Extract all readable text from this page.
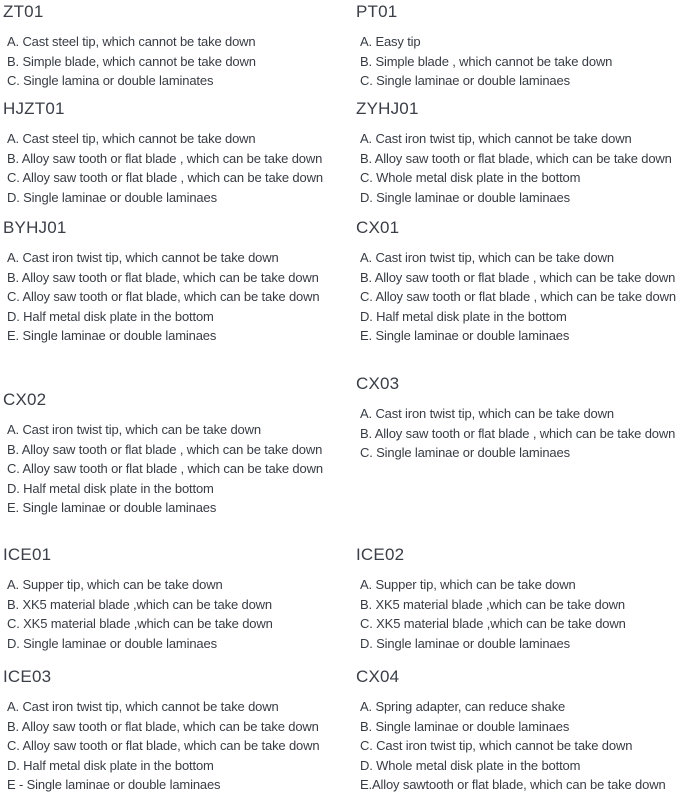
ZT01
A. Cast steel tip, which cannot be take down
B. Simple blade, which cannot be take down
C. Single lamina or double laminates
HJZT01
A. Cast steel tip, which cannot be take down
B. Alloy saw tooth or flat blade , which can be take down
C. Alloy saw tooth or flat blade , which can be take down
D. Single laminae or double laminaes
BYHJ01
A. Cast iron twist tip, which cannot be take down
B. Alloy saw tooth or flat blade, which can be take down
C. Alloy saw tooth or flat blade, which can be take down
D. Half metal disk plate in the bottom
E. Single laminae or double laminaes
CX02
A. Cast iron twist tip, which can be take down
B. Alloy saw tooth or flat blade , which can be take down
C. Alloy saw tooth or flat blade , which can be take down
D. Half metal disk plate in the bottom
E. Single laminae or double laminaes
ICE01
A. Supper tip, which can be take down
B. XK5 material blade ,which can be take down
C. XK5 material blade ,which can be take down
D. Single laminae or double laminaes
ICE03
A. Cast iron twist tip, which cannot be take down
B. Alloy saw tooth or flat blade, which can be take down
C. Alloy saw tooth or flat blade, which can be take down
D. Half metal disk plate in the bottom
E - Single laminae or double laminaes
PT01
A. Easy tip
B. Simple blade , which cannot be take down
C. Single laminae or double laminaes
ZYHJ01
A. Cast iron twist tip, which cannot be take down
B. Alloy saw tooth or flat blade, which can be take down
C. Whole metal disk plate in the bottom
D. Single laminae or double laminaes
CX01
A. Cast iron twist tip, which can be take down
B. Alloy saw tooth or flat blade , which can be take down
C. Alloy saw tooth or flat blade , which can be take down
D. Half metal disk plate in the bottom
E. Single laminae or double laminaes
CX03
A. Cast iron twist tip, which can be take down
B. Alloy saw tooth or flat blade , which can be take down
C. Single laminae or double laminaes
ICE02
A. Supper tip, which can be take down
B. XK5 material blade ,which can be take down
C. XK5 material blade ,which can be take down
D. Single laminae or double laminaes
CX04
A. Spring adapter, can reduce shake
B. Single laminae or double laminaes
C. Cast iron twist tip, which cannot be take down
D. Whole metal disk plate in the bottom
E.Alloy sawtooth or flat blade, which can be take down
